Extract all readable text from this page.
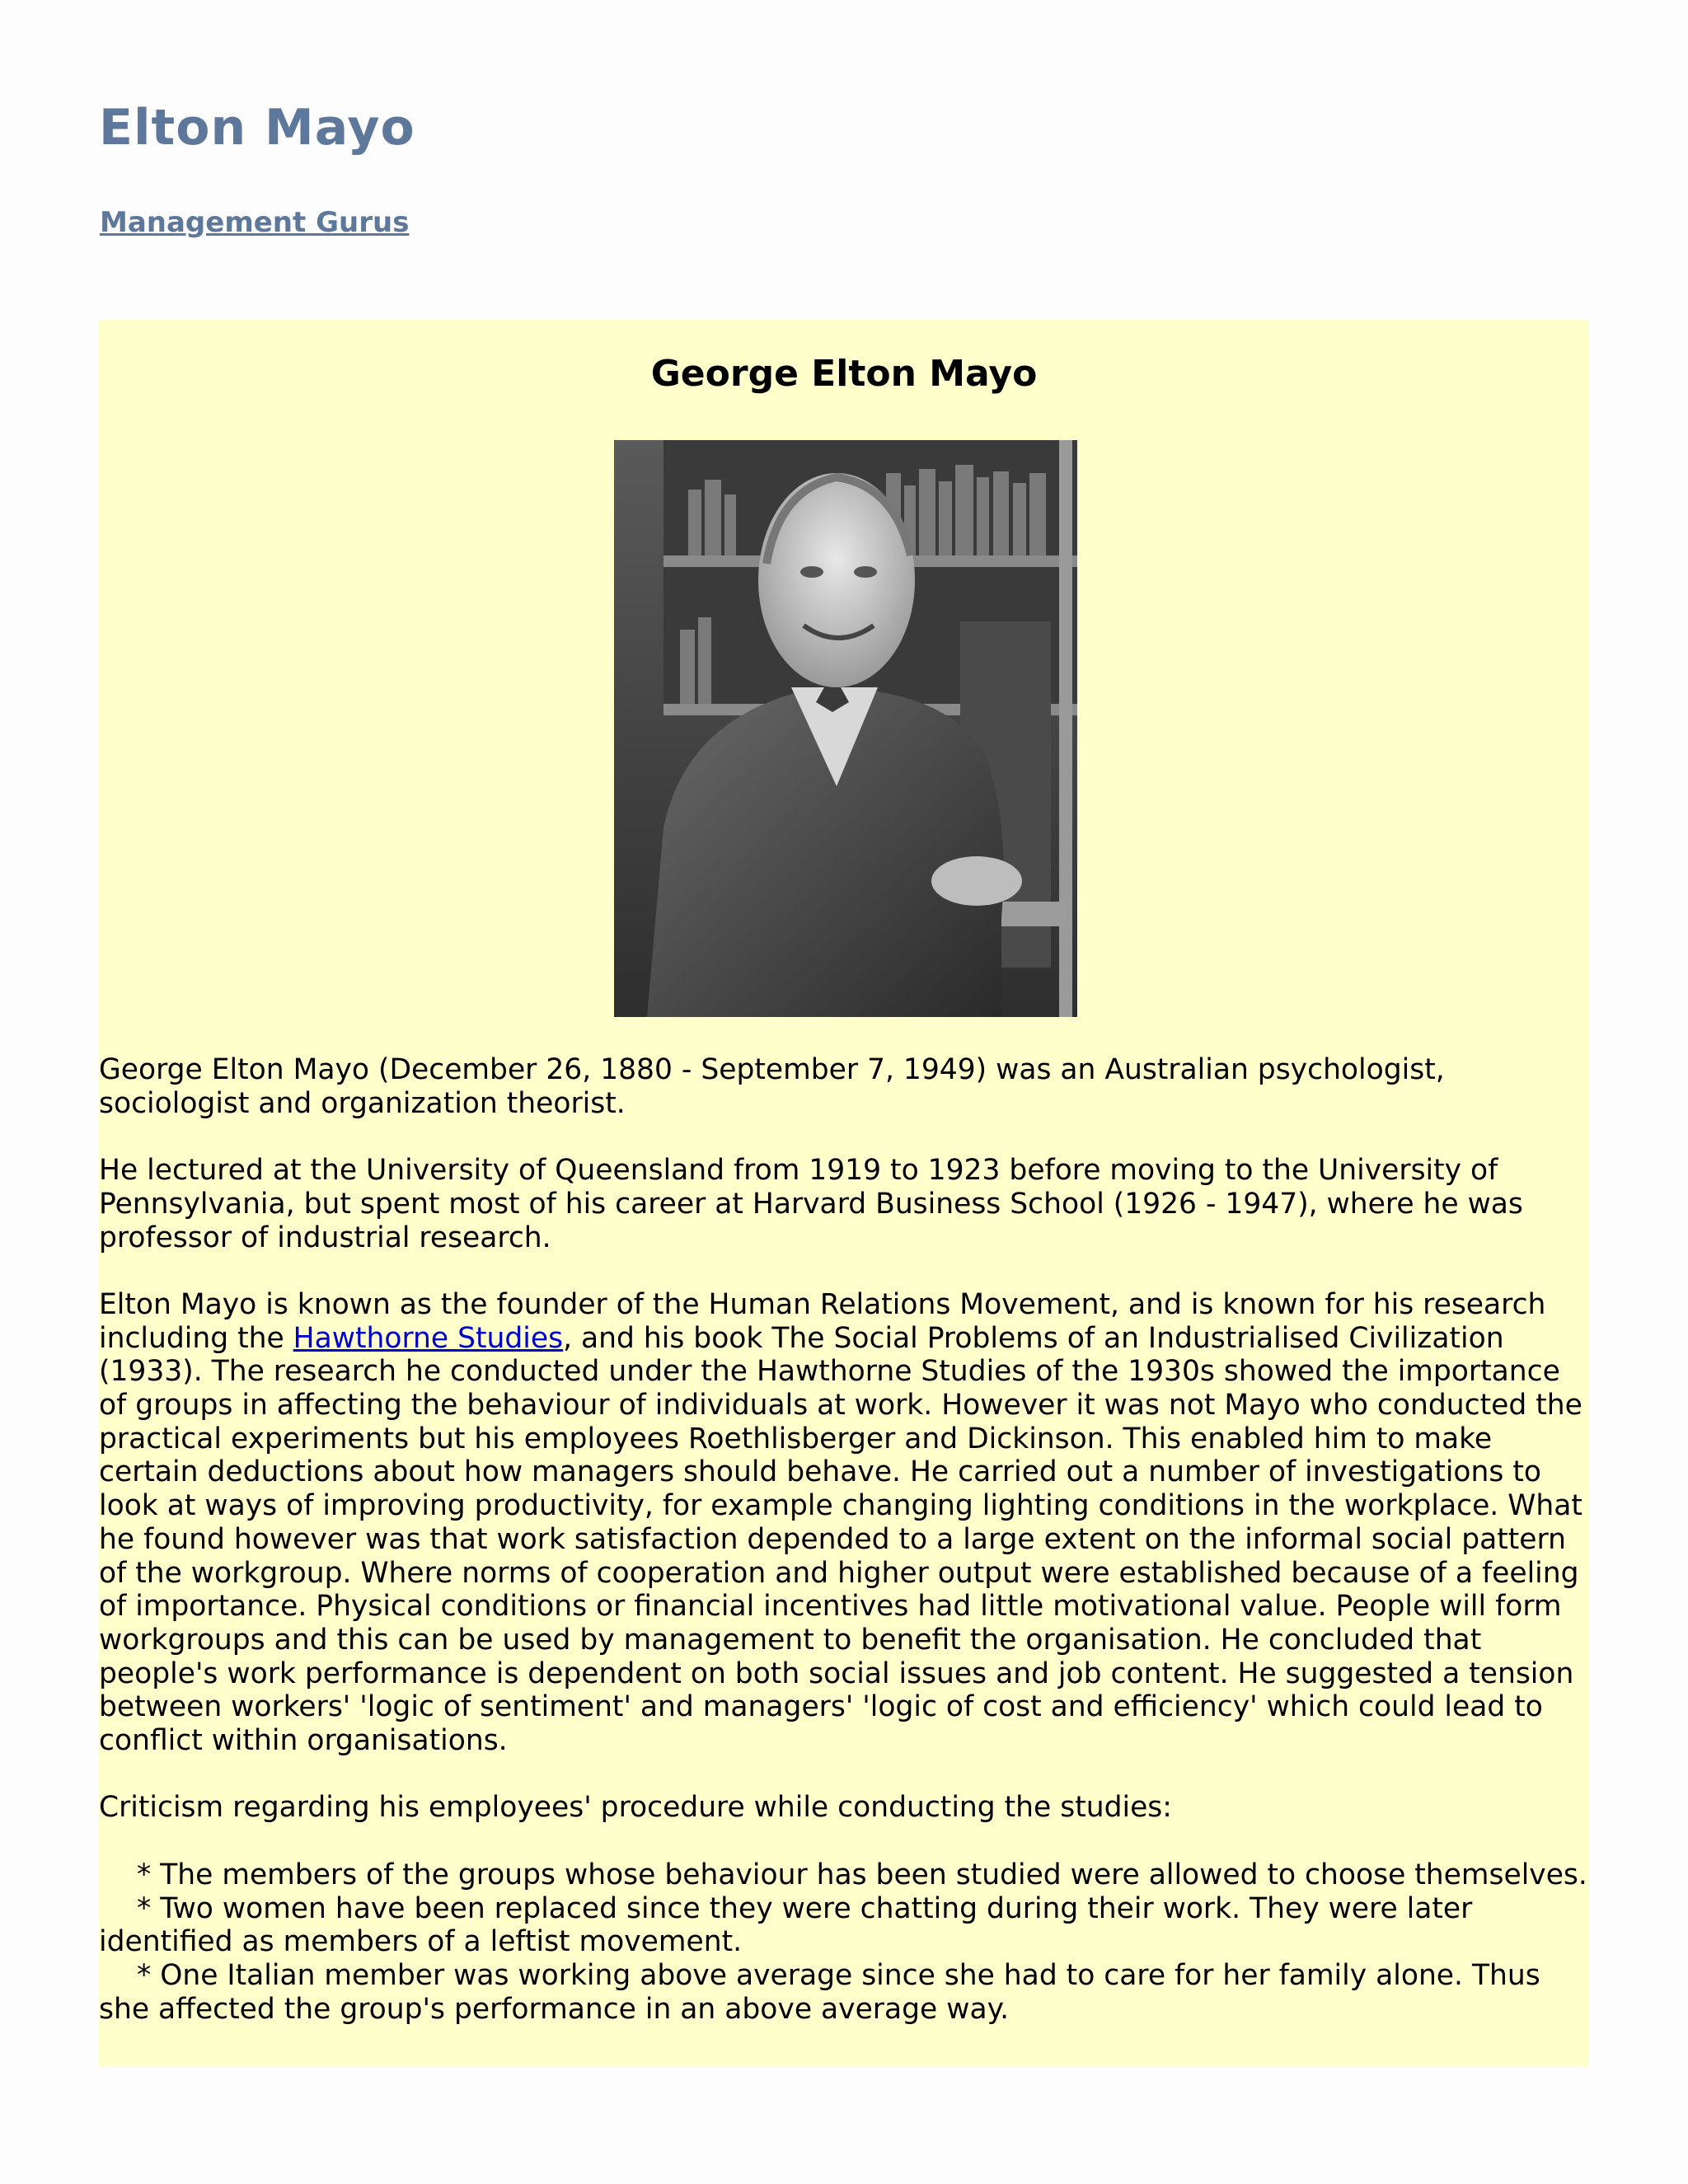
Elton Mayo
Management Gurus
George Elton Mayo

George Elton Mayo (December 26, 1880 - September 7, 1949) was an Australian psychologist, sociologist and organization theorist.

He lectured at the University of Queensland from 1919 to 1923 before moving to the University of Pennsylvania, but spent most of his career at Harvard Business School (1926 - 1947), where he was professor of industrial research.

Elton Mayo is known as the founder of the Human Relations Movement, and is known for his research including the Hawthorne Studies, and his book The Social Problems of an Industrialised Civilization (1933). The research he conducted under the Hawthorne Studies of the 1930s showed the importance of groups in affecting the behaviour of individuals at work. However it was not Mayo who conducted the practical experiments but his employees Roethlisberger and Dickinson. This enabled him to make certain deductions about how managers should behave. He carried out a number of investigations to look at ways of improving productivity, for example changing lighting conditions in the workplace. What he found however was that work satisfaction depended to a large extent on the informal social pattern of the workgroup. Where norms of cooperation and higher output were established because of a feeling of importance. Physical conditions or financial incentives had little motivational value. People will form workgroups and this can be used by management to benefit the organisation. He concluded that people's work performance is dependent on both social issues and job content. He suggested a tension between workers' 'logic of sentiment' and managers' 'logic of cost and efficiency' which could lead to conflict within organisations.

Criticism regarding his employees' procedure while conducting the studies:

* The members of the groups whose behaviour has been studied were allowed to choose themselves.
* Two women have been replaced since they were chatting during their work. They were later identified as members of a leftist movement.
* One Italian member was working above average since she had to care for her family alone. Thus she affected the group's performance in an above average way.
